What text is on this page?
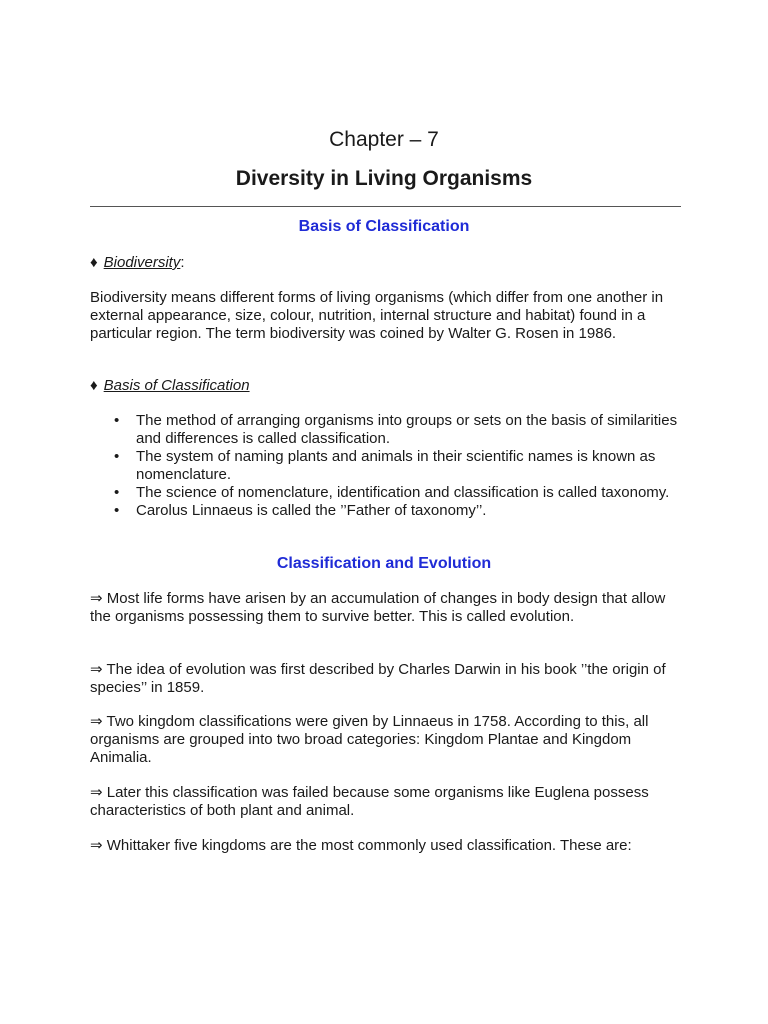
Chapter – 7
Diversity in Living Organisms
Basis of Classification

♦ Biodiversity:

Biodiversity means different forms of living organisms (which differ from one another in external appearance, size, colour, nutrition, internal structure and habitat) found in a particular region. The term biodiversity was coined by Walter G. Rosen in 1986.

♦ Basis of Classification

• The method of arranging organisms into groups or sets on the basis of similarities and differences is called classification.
• The system of naming plants and animals in their scientific names is known as nomenclature.
• The science of nomenclature, identification and classification is called taxonomy.
• Carolus Linnaeus is called the ’’Father of taxonomy’’.
Classification and Evolution

⇒ Most life forms have arisen by an accumulation of changes in body design that allow the organisms possessing them to survive better. This is called evolution.

⇒ The idea of evolution was first described by Charles Darwin in his book ’’the origin of species’’ in 1859.

⇒ Two kingdom classifications were given by Linnaeus in 1758. According to this, all organisms are grouped into two broad categories: Kingdom Plantae and Kingdom Animalia.

⇒ Later this classification was failed because some organisms like Euglena possess characteristics of both plant and animal.

⇒ Whittaker five kingdoms are the most commonly used classification. These are:
